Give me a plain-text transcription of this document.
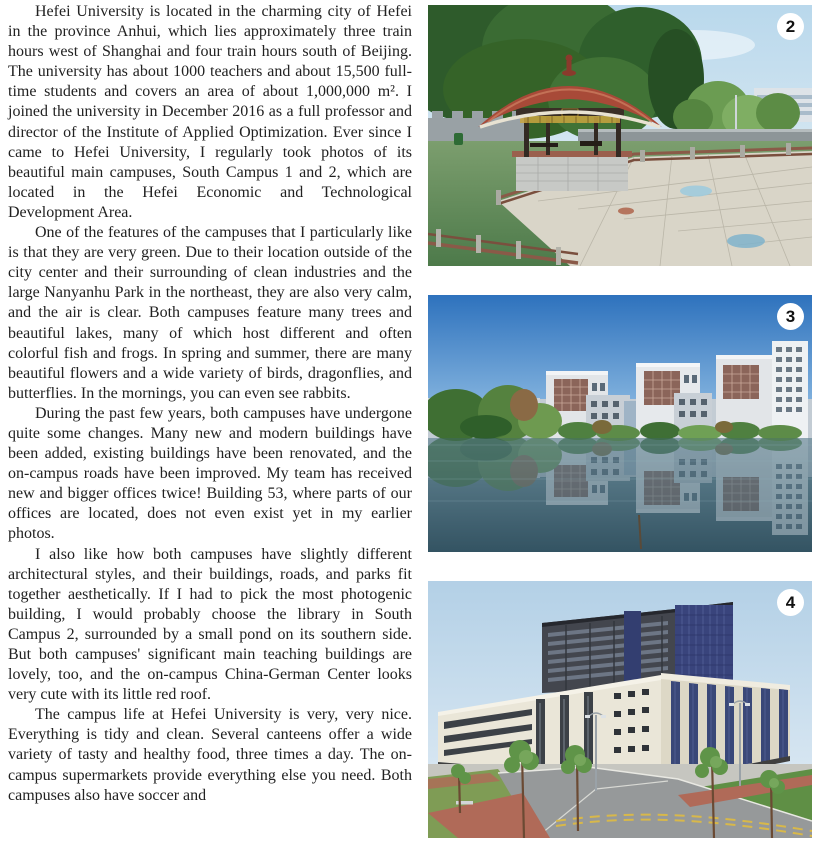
Hefei University is located in the charming city of Hefei in the province Anhui, which lies approximately three train hours west of Shanghai and four train hours south of Beijing. The university has about 1000 teachers and about 15,500 full-time students and covers an area of about 1,000,000 m². I joined the university in December 2016 as a full professor and director of the Institute of Applied Optimization. Ever since I came to Hefei University, I regularly took photos of its beautiful main campuses, South Campus 1 and 2, which are located in the Hefei Economic and Technological Development Area.

One of the features of the campuses that I particularly like is that they are very green. Due to their location outside of the city center and their surrounding of clean industries and the large Nanyanhu Park in the northeast, they are also very calm, and the air is clear. Both campuses feature many trees and beautiful lakes, many of which host different and often colorful fish and frogs. In spring and summer, there are many beautiful flowers and a wide variety of birds, dragonflies, and butterflies. In the mornings, you can even see rabbits.

During the past few years, both campuses have undergone quite some changes. Many new and modern buildings have been added, existing buildings have been renovated, and the on-campus roads have been improved. My team has received new and bigger offices twice! Building 53, where parts of our offices are located, does not even exist yet in my earlier photos.

I also like how both campuses have slightly different architectural styles, and their buildings, roads, and parks fit together aesthetically. If I had to pick the most photogenic building, I would probably choose the library in South Campus 2, surrounded by a small pond on its southern side. But both campuses' significant main teaching buildings are lovely, too, and the on-campus China-German Center looks very cute with its little red roof.

The campus life at Hefei University is very, very nice. Everything is tidy and clean. Several canteens offer a wide variety of tasty and healthy food, three times a day. The on-campus supermarkets provide everything else you need. Both campuses also have soccer and

2
3
4
